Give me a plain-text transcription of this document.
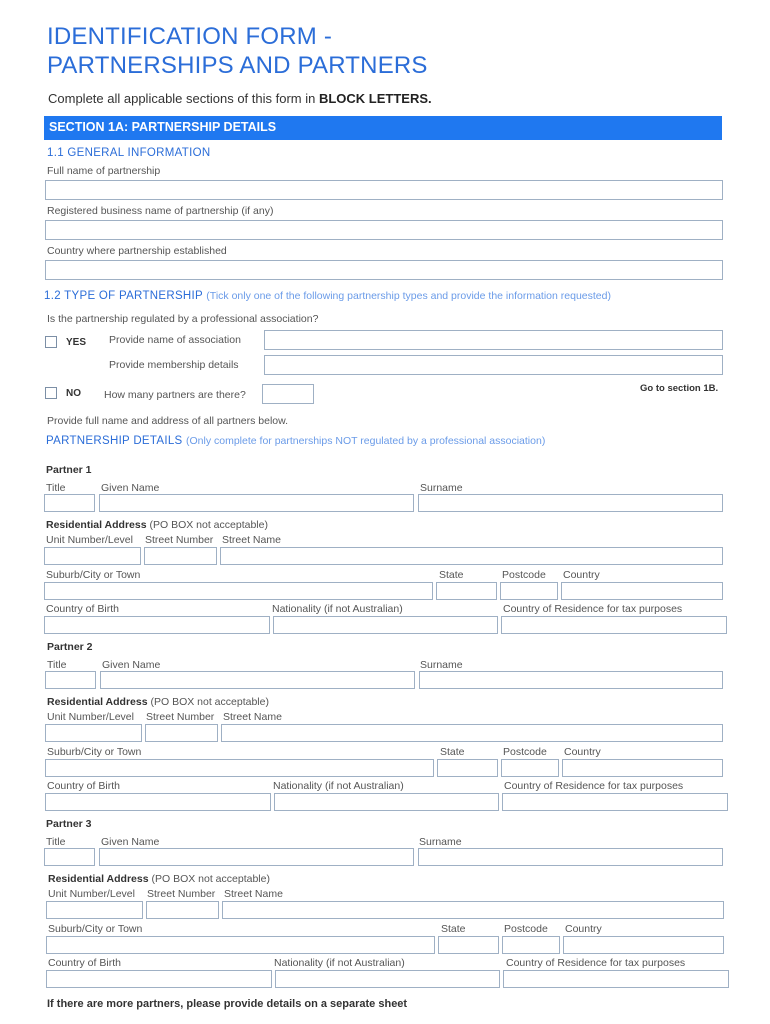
IDENTIFICATION FORM -
PARTNERSHIPS AND PARTNERS
Complete all applicable sections of this form in BLOCK LETTERS.
SECTION 1A: PARTNERSHIP DETAILS
1.1 GENERAL INFORMATION
Full name of partnership
Registered business name of partnership (if any)
Country where partnership established
1.2 TYPE OF PARTNERSHIP (Tick only one of the following partnership types and provide the information requested)
Is the partnership regulated by a professional association?
YES Provide name of association
Provide membership details
Go to section 1B.
NO How many partners are there?
Provide full name and address of all partners below.
PARTNERSHIP DETAILS (Only complete for partnerships NOT regulated by a professional association)
Partner 1
Title	Given Name	Surname
Residential Address (PO BOX not acceptable)
Unit Number/Level Street Number Street Name
Suburb/City or Town	State	Postcode Country
Country of Birth	Nationality (if not Australian)	Country of Residence for tax purposes
Partner 2
Title	Given Name	Surname
Residential Address (PO BOX not acceptable)
Unit Number/Level Street Number Street Name
Suburb/City or Town	State	Postcode Country
Country of Birth	Nationality (if not Australian)	Country of Residence for tax purposes
Partner 3
Title	Given Name	Surname
Residential Address (PO BOX not acceptable)
Unit Number/Level Street Number Street Name
Suburb/City or Town	State	Postcode Country
Country of Birth	Nationality (if not Australian)	Country of Residence for tax purposes
If there are more partners, please provide details on a separate sheet
